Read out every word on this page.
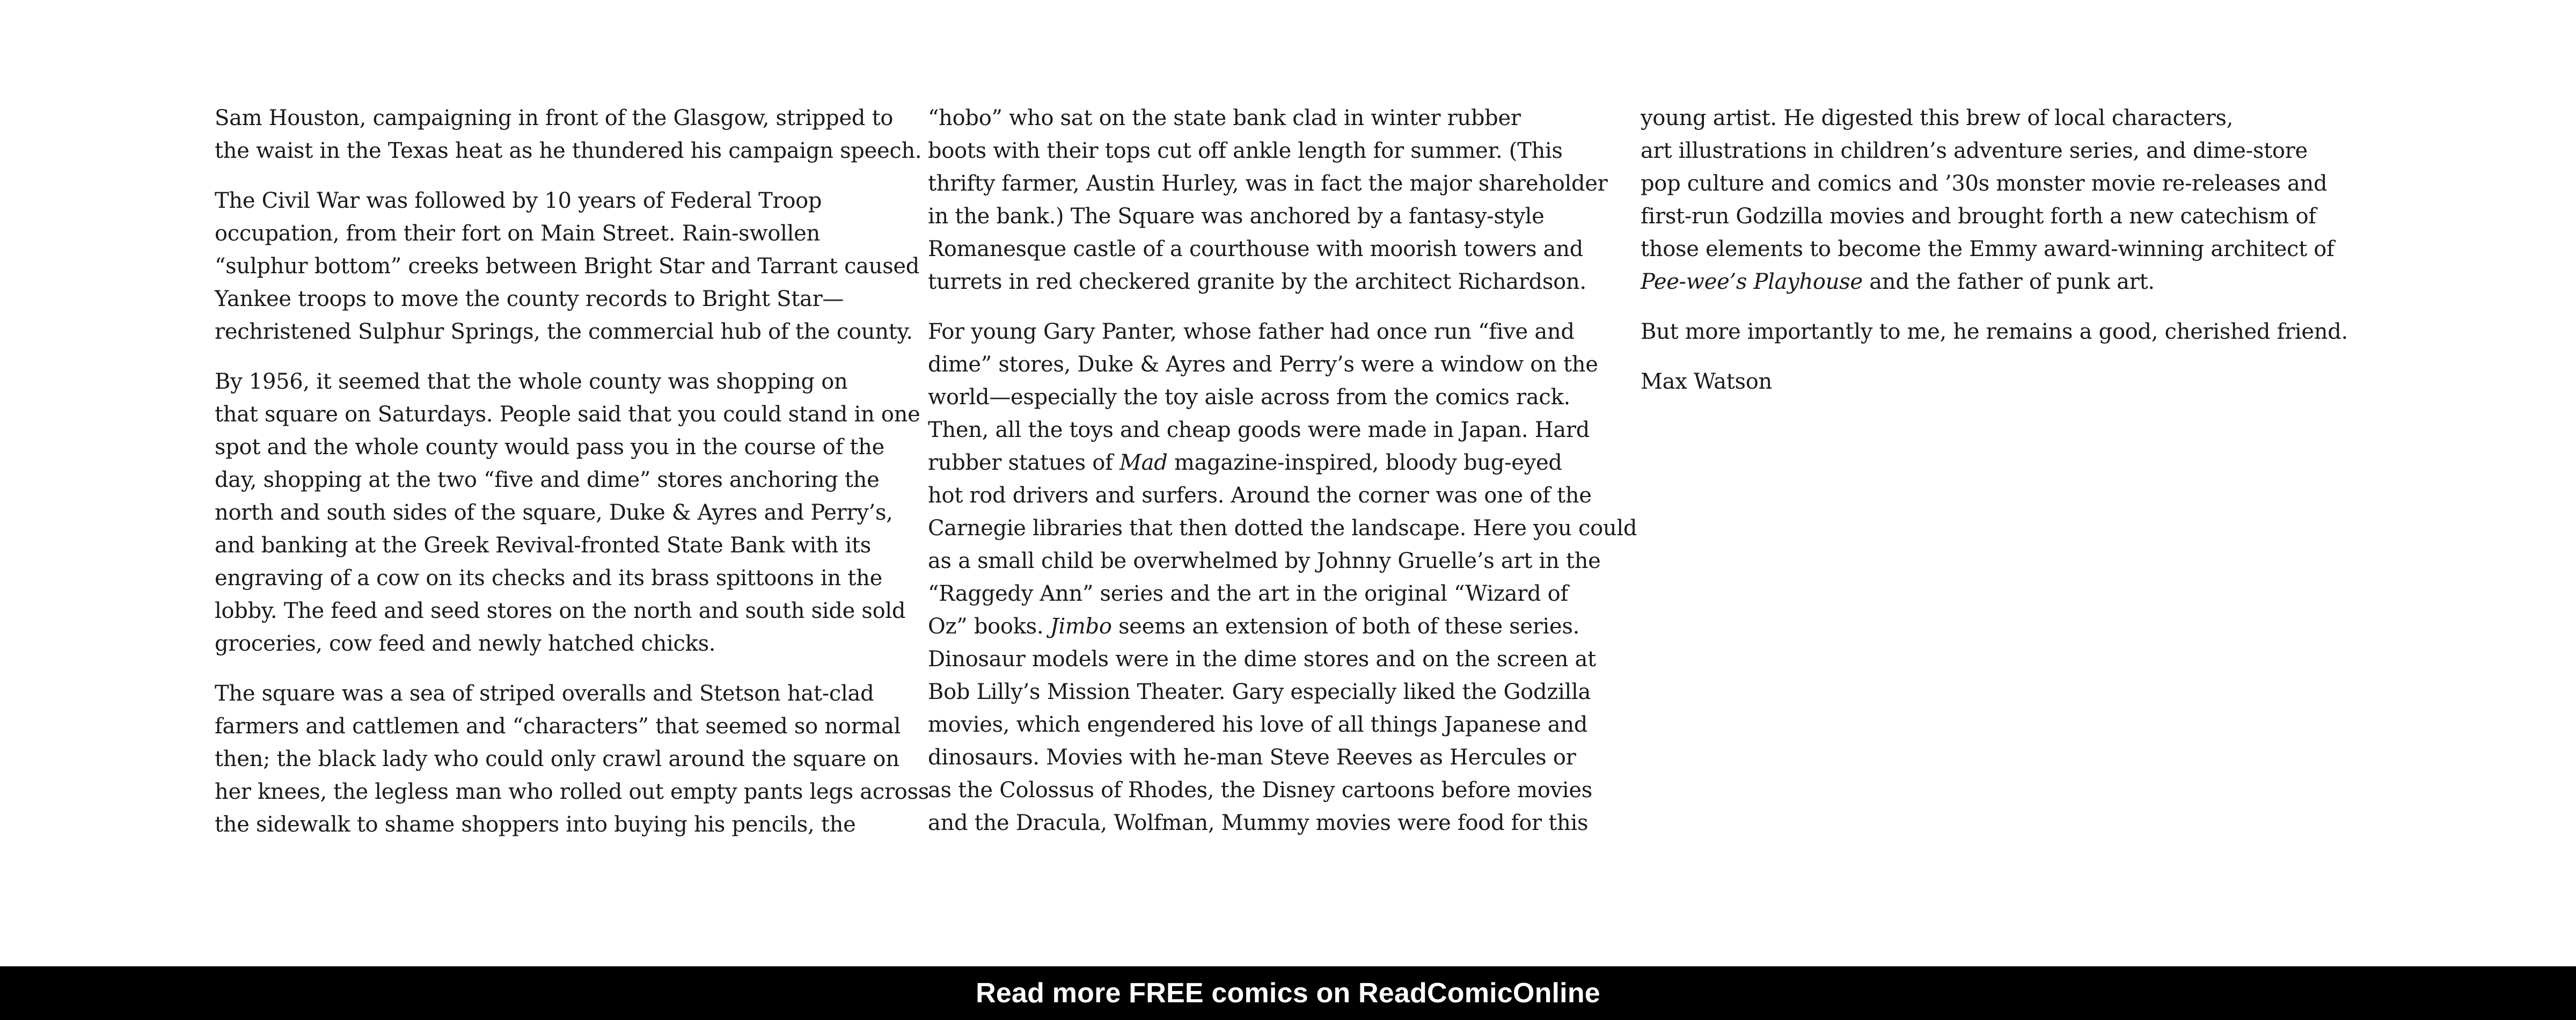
Sam Houston, campaigning in front of the Glasgow, stripped to
the waist in the Texas heat as he thundered his campaign speech.

The Civil War was followed by 10 years of Federal Troop
occupation, from their fort on Main Street. Rain-swollen
“sulphur bottom” creeks between Bright Star and Tarrant caused
Yankee troops to move the county records to Bright Star—
rechristened Sulphur Springs, the commercial hub of the county.

By 1956, it seemed that the whole county was shopping on
that square on Saturdays. People said that you could stand in one
spot and the whole county would pass you in the course of the
day, shopping at the two “five and dime” stores anchoring the
north and south sides of the square, Duke & Ayres and Perry’s,
and banking at the Greek Revival-fronted State Bank with its
engraving of a cow on its checks and its brass spittoons in the
lobby. The feed and seed stores on the north and south side sold
groceries, cow feed and newly hatched chicks.

The square was a sea of striped overalls and Stetson hat-clad
farmers and cattlemen and “characters” that seemed so normal
then; the black lady who could only crawl around the square on
her knees, the legless man who rolled out empty pants legs across
the sidewalk to shame shoppers into buying his pencils, the

“hobo” who sat on the state bank clad in winter rubber
boots with their tops cut off ankle length for summer. (This
thrifty farmer, Austin Hurley, was in fact the major shareholder
in the bank.) The Square was anchored by a fantasy-style
Romanesque castle of a courthouse with moorish towers and
turrets in red checkered granite by the architect Richardson.

For young Gary Panter, whose father had once run “five and
dime” stores, Duke & Ayres and Perry’s were a window on the
world—especially the toy aisle across from the comics rack.
Then, all the toys and cheap goods were made in Japan. Hard
rubber statues of Mad magazine-inspired, bloody bug-eyed
hot rod drivers and surfers. Around the corner was one of the
Carnegie libraries that then dotted the landscape. Here you could
as a small child be overwhelmed by Johnny Gruelle’s art in the
“Raggedy Ann” series and the art in the original “Wizard of
Oz” books. Jimbo seems an extension of both of these series.
Dinosaur models were in the dime stores and on the screen at
Bob Lilly’s Mission Theater. Gary especially liked the Godzilla
movies, which engendered his love of all things Japanese and
dinosaurs. Movies with he-man Steve Reeves as Hercules or
as the Colossus of Rhodes, the Disney cartoons before movies
and the Dracula, Wolfman, Mummy movies were food for this

young artist. He digested this brew of local characters,
art illustrations in children’s adventure series, and dime-store
pop culture and comics and ’30s monster movie re-releases and
first-run Godzilla movies and brought forth a new catechism of
those elements to become the Emmy award-winning architect of
Pee-wee’s Playhouse and the father of punk art.

But more importantly to me, he remains a good, cherished friend.

Max Watson

Read more FREE comics on ReadComicOnline
